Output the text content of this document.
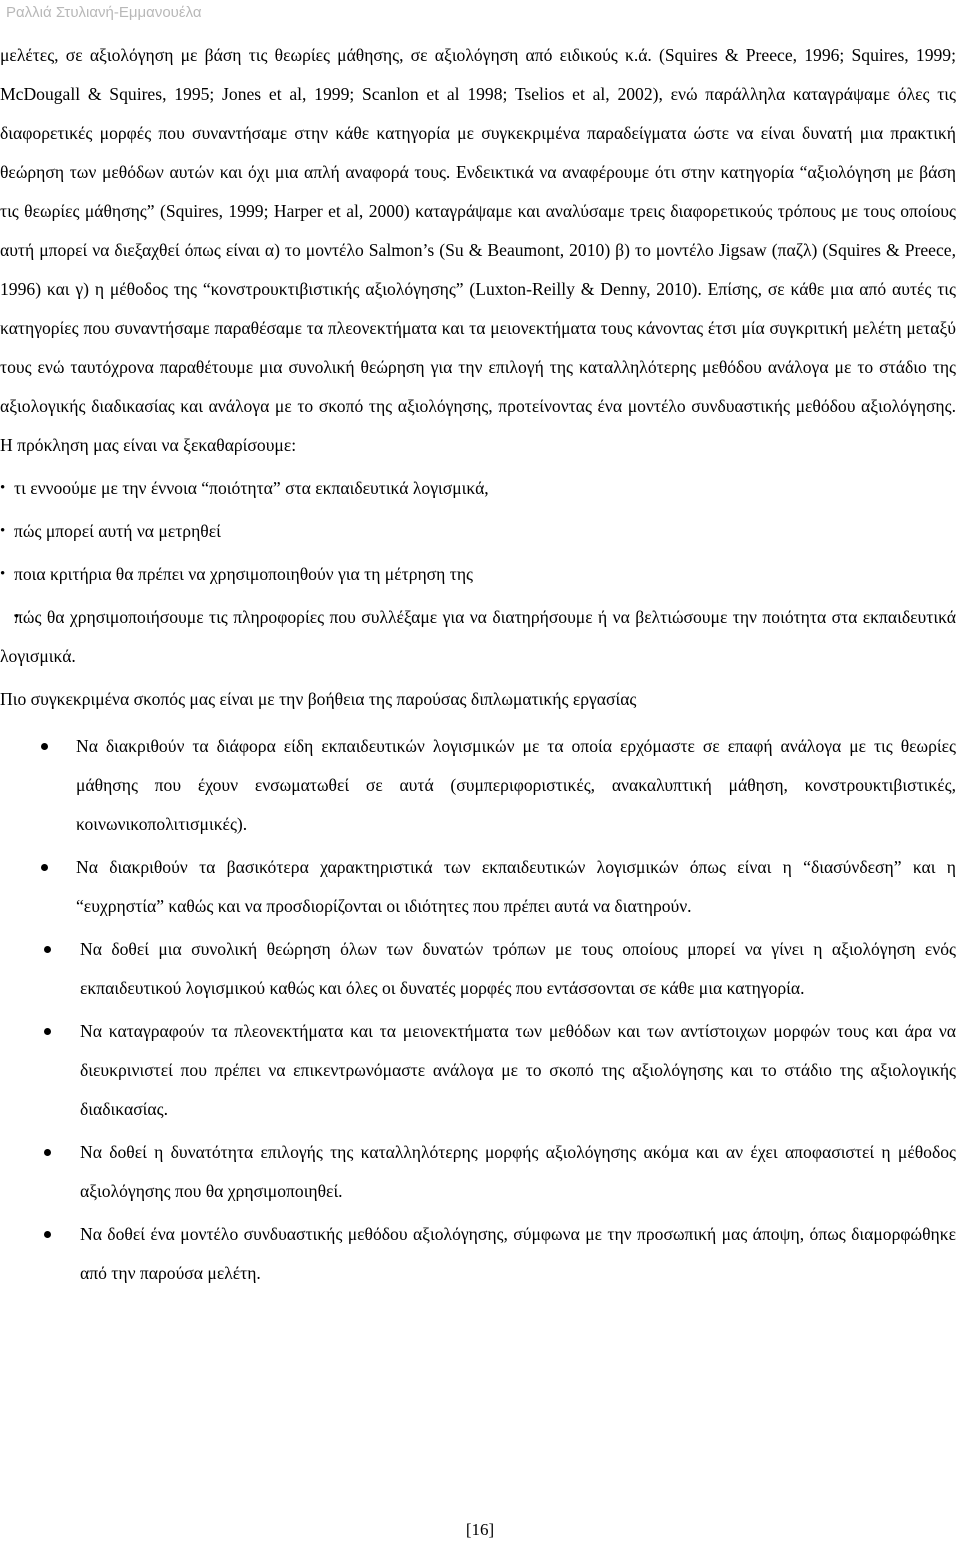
Ραλλιά Στυλιανή-Εμμανουέλα

μελέτες, σε αξιολόγηση με βάση τις θεωρίες μάθησης, σε αξιολόγηση από ειδικούς κ.ά. (Squires & Preece, 1996; Squires, 1999; McDougall & Squires, 1995; Jones et al, 1999; Scanlon et al 1998; Tselios et al, 2002), ενώ παράλληλα καταγράψαμε όλες τις διαφορετικές μορφές που συναντήσαμε στην κάθε κατηγορία με συγκεκριμένα παραδείγματα ώστε να είναι δυνατή μια πρακτική θεώρηση των μεθόδων αυτών και όχι μια απλή αναφορά τους. Ενδεικτικά να αναφέρουμε ότι στην κατηγορία “αξιολόγηση με βάση τις θεωρίες μάθησης” (Squires, 1999; Harper et al, 2000) καταγράψαμε και αναλύσαμε τρεις διαφορετικούς τρόπους με τους οποίους αυτή μπορεί να διεξαχθεί όπως είναι α) το μοντέλο Salmon’s (Su & Beaumont, 2010) β) το μοντέλο Jigsaw (παζλ) (Squires & Preece, 1996) και γ) η μέθοδος της “κονστρουκτιβιστικής αξιολόγησης” (Luxton-Reilly & Denny, 2010). Επίσης, σε κάθε μια από αυτές τις κατηγορίες που συναντήσαμε παραθέσαμε τα πλεονεκτήματα και τα μειονεκτήματα τους κάνοντας έτσι μία συγκριτική μελέτη μεταξύ τους ενώ ταυτόχρονα παραθέτουμε μια συνολική θεώρηση για την επιλογή της καταλληλότερης μεθόδου ανάλογα με το στάδιο της αξιολογικής διαδικασίας και ανάλογα με το σκοπό της αξιολόγησης, προτείνοντας ένα μοντέλο συνδυαστικής μεθόδου αξιολόγησης. Η πρόκληση μας είναι να ξεκαθαρίσουμε:

• τι εννοούμε με την έννοια “ποιότητα” στα εκπαιδευτικά λογισμικά,
• πώς μπορεί αυτή να μετρηθεί
• ποια κριτήρια θα πρέπει να χρησιμοποιηθούν για τη μέτρηση της
• πώς θα χρησιμοποιήσουμε τις πληροφορίες που συλλέξαμε για να διατηρήσουμε ή να βελτιώσουμε την ποιότητα στα εκπαιδευτικά λογισμικά.

Πιο συγκεκριμένα σκοπός μας είναι με την βοήθεια της παρούσας διπλωματικής εργασίας

Να διακριθούν τα διάφορα είδη εκπαιδευτικών λογισμικών με τα οποία ερχόμαστε σε επαφή ανάλογα με τις θεωρίες μάθησης που έχουν ενσωματωθεί σε αυτά (συμπεριφοριστικές, ανακαλυπτική μάθηση, κονστρουκτιβιστικές, κοινωνικοπολιτισμικές).
Να διακριθούν τα βασικότερα χαρακτηριστικά των εκπαιδευτικών λογισμικών όπως είναι η “διασύνδεση” και η “ευχρηστία” καθώς και να προσδιορίζονται οι ιδιότητες που πρέπει αυτά να διατηρούν.
Να δοθεί μια συνολική θεώρηση όλων των δυνατών τρόπων με τους οποίους μπορεί να γίνει η αξιολόγηση ενός εκπαιδευτικού λογισμικού καθώς και όλες οι δυνατές μορφές που εντάσσονται σε κάθε μια κατηγορία.
Να καταγραφούν τα πλεονεκτήματα και τα μειονεκτήματα των μεθόδων και των αντίστοιχων μορφών τους και άρα να διευκρινιστεί που πρέπει να επικεντρωνόμαστε ανάλογα με το σκοπό της αξιολόγησης και το στάδιο της αξιολογικής διαδικασίας.
Να δοθεί η δυνατότητα επιλογής της καταλληλότερης μορφής αξιολόγησης ακόμα και αν έχει αποφασιστεί η μέθοδος αξιολόγησης που θα χρησιμοποιηθεί.
Να δοθεί ένα μοντέλο συνδυαστικής μεθόδου αξιολόγησης, σύμφωνα με την προσωπική μας άποψη, όπως διαμορφώθηκε από την παρούσα μελέτη.
[16]
